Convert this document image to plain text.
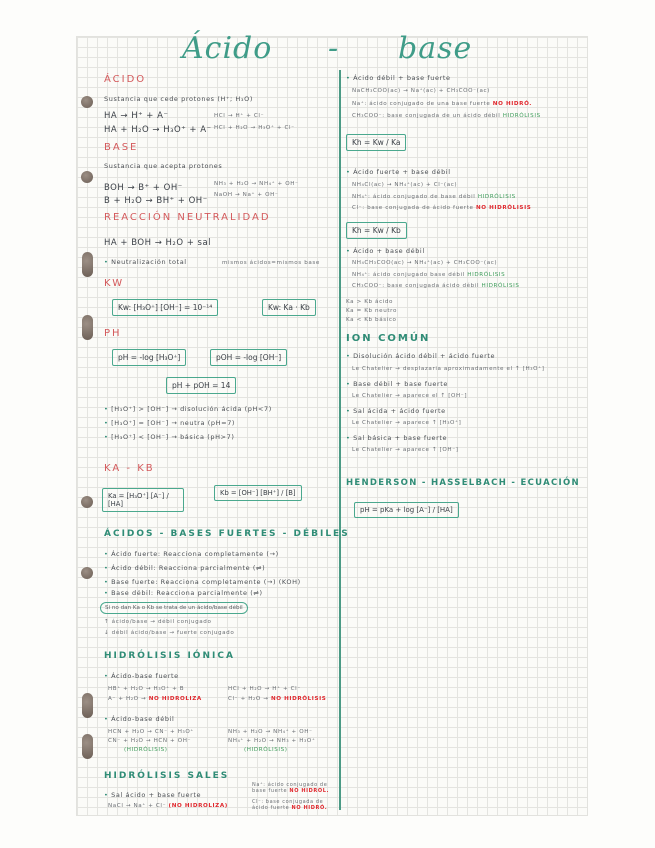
Ácido - base
ÁCIDO
Sustancia que cede protones (H⁺; H₃O)
HA → H⁺ + A⁻
HA + H₂O → H₃O⁺ + A⁻
HCl → H⁺ + Cl⁻
HCl + H₂O → H₃O⁺ + Cl⁻
BASE
Sustancia que acepta protones
BOH → B⁺ + OH⁻
B + H₂O → BH⁺ + OH⁻
NH₃ + H₂O → NH₄⁺ + OH⁻
NaOH → Na⁺ + OH⁻
REACCIÓN NEUTRALIDAD
HA + BOH → H₂O + sal
• Neutralización total	mismos ácidos=mismos base
KW
Kw: [H₃O⁺] [OH⁻] = 10⁻¹⁴	Kw: Ka · Kb
PH
pH = -log [H₃O⁺]	pOH = -log [OH⁻]
pH + pOH = 14
• [H₃O⁺] > [OH⁻] → disolución ácida (pH<7)
• [H₃O⁺] = [OH⁻] → neutra (pH=7)
• [H₃O⁺] < [OH⁻] → básica (pH>7)
KA - KB
Ka = [H₃O⁺] [A⁻] / [HA]
Kb = [OH⁻] [BH⁺] / [B]
ÁCIDOS - BASES FUERTES - DÉBILES
• Ácido fuerte: Reacciona completamente (→)
• Ácido débil: Reacciona parcialmente (⇌)
• Base fuerte: Reacciona completamente (→) (KOH)
• Base débil: Reacciona parcialmente (⇌)
Si no dan Ka o Kb se trata de un ácido/base débil
↑ ácido/base → débil conjugado
↓ débil ácido/base → fuerte conjugado
HIDRÓLISIS IÓNICA
• Ácido-base fuerte
HB⁺ + H₂O → H₃O⁺ + B
A⁻ + H₂O → NO HIDROLIZA
HCl + H₂O → H⁺ + Cl⁻
Cl⁻ + H₂O → NO HIDRÓLISIS
• Ácido-base débil
HCN + H₂O → CN⁻ + H₃O⁺
CN⁻ + H₂O → HCN + OH⁻
(HIDRÓLISIS)
NH₃ + H₂O → NH₄⁺ + OH⁻
NH₄⁺ + H₂O → NH₃ + H₃O⁺
(HIDRÓLISIS)
HIDRÓLISIS SALES
• Sal ácido + base fuerte
NaCl → Na⁺ + Cl⁻ (NO HIDROLIZA)
Na⁺: ácido conjugado de base fuerte NO HIDROL.
Cl⁻: base conjugada de ácido fuerte NO HIDRÓ.
• Ácido débil + base fuerte
NaCH₃COO(ac) → Na⁺(ac) + CH₃COO⁻(ac)
Na⁺: ácido conjugado de una base fuerte NO HIDRÓ.
CH₃COO⁻: base conjugada de un ácido débil HIDRÓLISIS
Kh = Kw / Ka
• Ácido fuerte + base débil
NH₄Cl(ac) → NH₄⁺(ac) + Cl⁻(ac)
NH₄⁺: ácido conjugado de base débil HIDRÓLISIS
Cl⁻: base conjugada de ácido fuerte NO HIDRÓLISIS
Kh = Kw / Kb
• Ácido + base débil
NH₄CH₃COO(ac) → NH₄⁺(ac) + CH₃COO⁻(ac)
NH₄⁺: ácido conjugado base débil HIDRÓLISIS
CH₃COO⁻: base conjugada ácido débil HIDRÓLISIS
Ka > Kb ácido
Ka = Kb neutro
Ka < Kb básico
ION COMÚN
• Disolución ácido débil + ácido fuerte
Le Chatelier → desplazaria aproximadamente el ↑ [H₃O⁺]
• Base débil + base fuerte
Le Chatelier → aparece el ↑ [OH⁻]
• Sal ácida + ácido fuerte
Le Chatelier → aparece ↑ [H₃O⁺]
• Sal básica + base fuerte
Le Chatelier → aparece ↑ [OH⁻]
HENDERSON - HASSELBACH - ECUACIÓN
pH = pKa + log [A⁻] / [HA]
